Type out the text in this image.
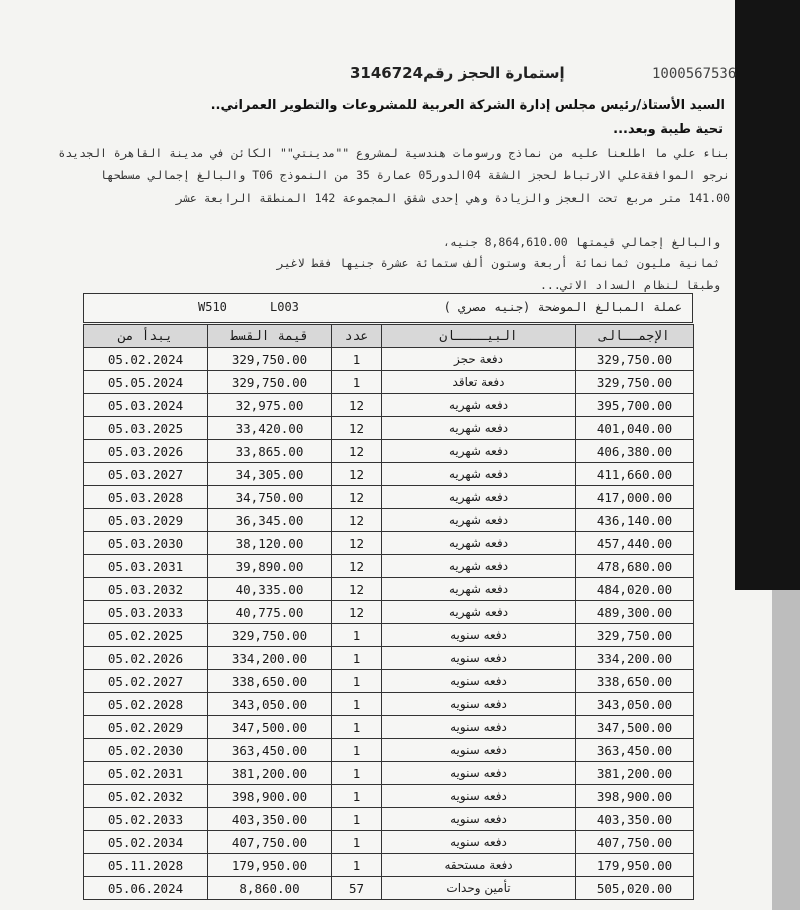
1000567536
إستمارة الحجز رقم3146724
السيد الأستاذ/رئيس مجلس إدارة الشركة العربية للمشروعات والتطوير العمراني..
تحية طيبة وبعد...
بناء علي ما اطلعنا عليه من نماذج ورسومات هندسية لمشروع ""مدينتي"" الكائن في مدينة القاهرة الجديدة
نرجو الموافقةعلي الارتباط لحجز الشقة 04الدور05 عمارة 35 من النموذج T06 والبالغ إجمالي مسطحها
141.00 متر مربع تحت العجز والزيادة وهي إحدى شقق المجموعة 142 المنطقة الرابعة عشر
والبالغ إجمالي قيمتها 8,864,610.00 جنيه،
ثمانية مليون ثمانمائة أربعة وستون ألف ستمائة عشرة جنيها فقط لاغير
وطبقا لنظام السداد الاتي...
عملة المبالغ الموضحة (جنيه مصري )
W510	L003
يبدأ من	قيمة القسط	عدد	البيــــان	الإجمــالى
05.02.2024	329,750.00	1	دفعة حجز	329,750.00
05.05.2024	329,750.00	1	دفعة تعاقد	329,750.00
05.03.2024	32,975.00	12	دفعه شهريه	395,700.00
05.03.2025	33,420.00	12	دفعه شهريه	401,040.00
05.03.2026	33,865.00	12	دفعه شهريه	406,380.00
05.03.2027	34,305.00	12	دفعه شهريه	411,660.00
05.03.2028	34,750.00	12	دفعه شهريه	417,000.00
05.03.2029	36,345.00	12	دفعه شهريه	436,140.00
05.03.2030	38,120.00	12	دفعه شهريه	457,440.00
05.03.2031	39,890.00	12	دفعه شهريه	478,680.00
05.03.2032	40,335.00	12	دفعه شهريه	484,020.00
05.03.2033	40,775.00	12	دفعه شهريه	489,300.00
05.02.2025	329,750.00	1	دفعه سنويه	329,750.00
05.02.2026	334,200.00	1	دفعه سنويه	334,200.00
05.02.2027	338,650.00	1	دفعه سنويه	338,650.00
05.02.2028	343,050.00	1	دفعه سنويه	343,050.00
05.02.2029	347,500.00	1	دفعه سنويه	347,500.00
05.02.2030	363,450.00	1	دفعه سنويه	363,450.00
05.02.2031	381,200.00	1	دفعه سنويه	381,200.00
05.02.2032	398,900.00	1	دفعه سنويه	398,900.00
05.02.2033	403,350.00	1	دفعه سنويه	403,350.00
05.02.2034	407,750.00	1	دفعه سنويه	407,750.00
05.11.2028	179,950.00	1	دفعة مستحقه	179,950.00
05.06.2024	8,860.00	57	تأمين وحدات	505,020.00
